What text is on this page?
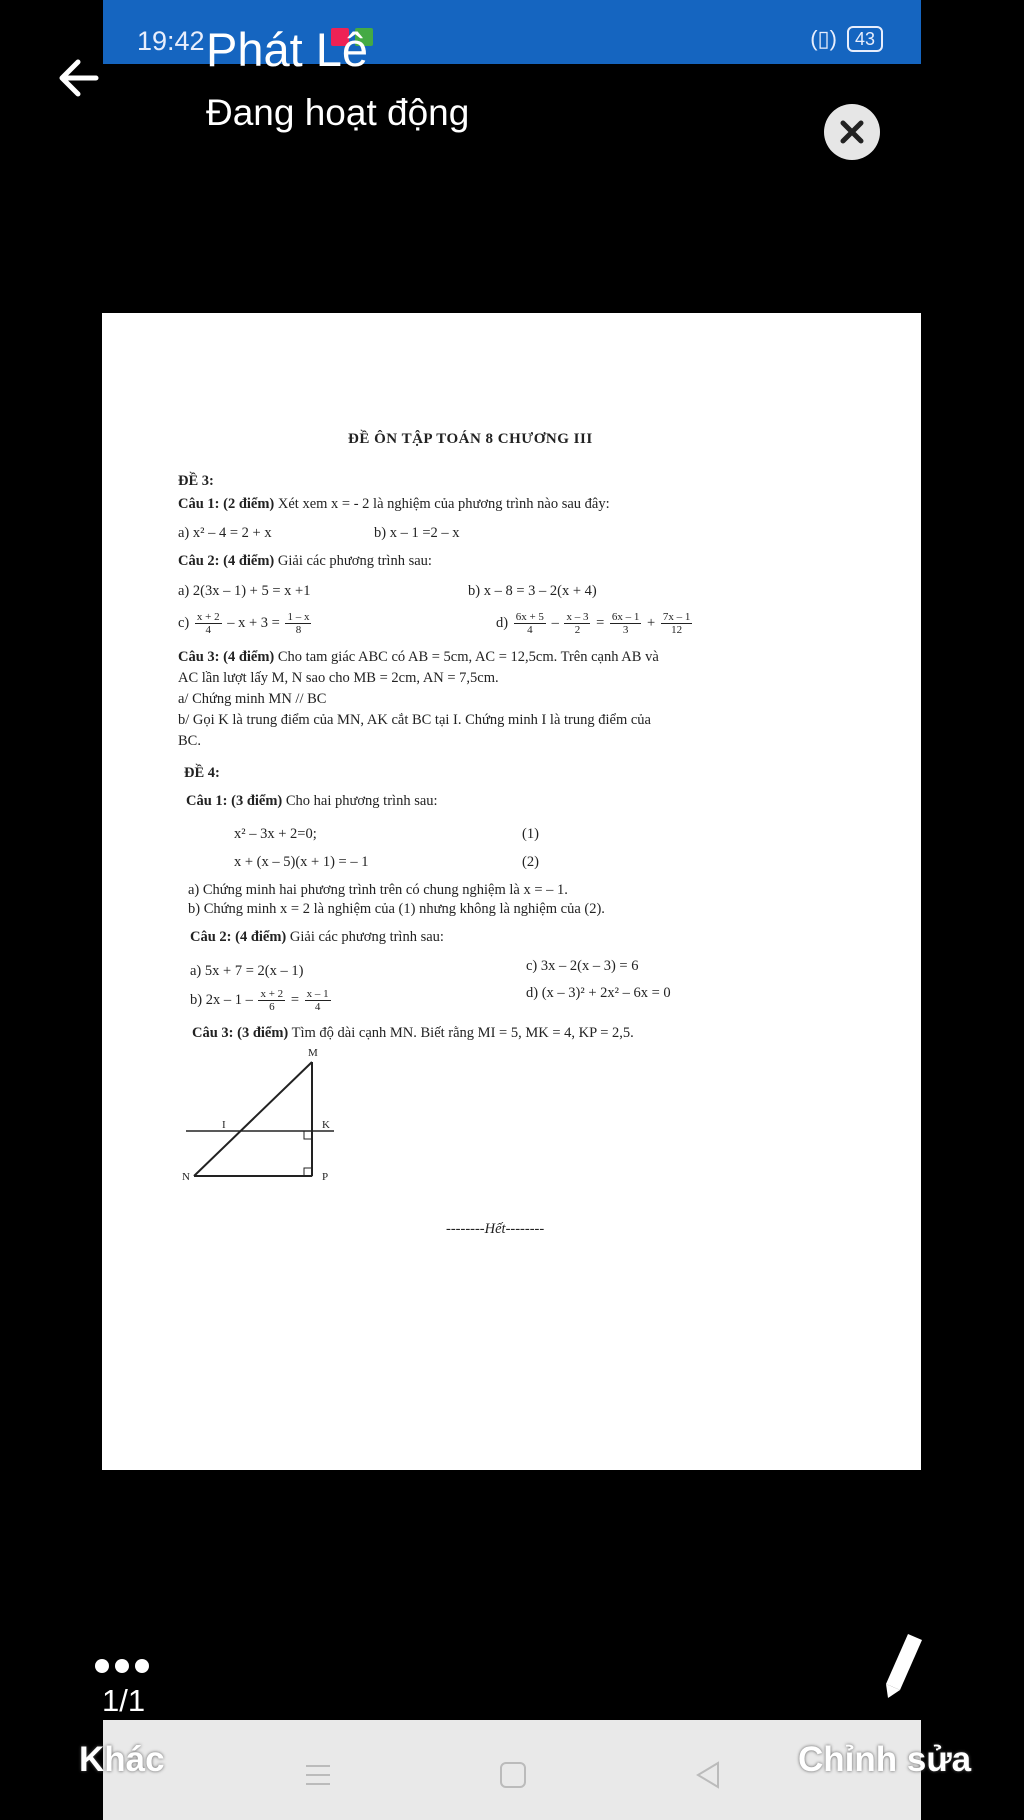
19:42	(▯)	43
Phát Lê
Đang hoạt động
ĐỀ ÔN TẬP TOÁN 8 CHƯƠNG III
ĐỀ 3:
Câu 1: (2 điểm) Xét xem x = - 2 là nghiệm của phương trình nào sau đây:
a) x² – 4 = 2 + x	b) x – 1 =2 – x
Câu 2: (4 điểm) Giải các phương trình sau:
a) 2(3x – 1) + 5 = x +1	b) x – 8 = 3 – 2(x + 4)
$c) \frac{x + 2}{4} - x + 3 = \frac{1 - x}{8}$	$d) \frac{6x + 5}{4} - \frac{x - 3}{2} = \frac{6x - 1}{3} + \frac{7x - 1}{12}$
Câu 3: (4 điểm) Cho tam giác ABC có AB = 5cm, AC = 12,5cm. Trên cạnh AB và
AC lần lượt lấy M, N sao cho MB = 2cm, AN = 7,5cm.
a/ Chứng minh MN // BC
b/ Gọi K là trung điểm của MN, AK cắt BC tại I. Chứng minh I là trung điểm của
BC.
ĐỀ 4:
Câu 1: (3 điểm) Cho hai phương trình sau:
x² – 3x + 2=0;	(1)
x + (x – 5)(x + 1) = – 1	(2)
a) Chứng minh hai phương trình trên có chung nghiệm là x = – 1.
b) Chứng minh x = 2 là nghiệm của (1) nhưng không là nghiệm của (2).
Câu 2: (4 điểm) Giải các phương trình sau:
a) 5x + 7 = 2(x – 1)	c) 3x – 2(x – 3) = 6
b) $2x - 1 - \frac{x + 2}{6} = \frac{x - 1}{4}$	d) (x – 3)² + 2x² – 6x = 0
Câu 3: (3 điểm) Tìm độ dài cạnh MN. Biết rằng MI = 5, MK = 4, KP = 2,5.
M
K
I
N	P
--------Hết--------
1/1
Khác	Chỉnh sửa
